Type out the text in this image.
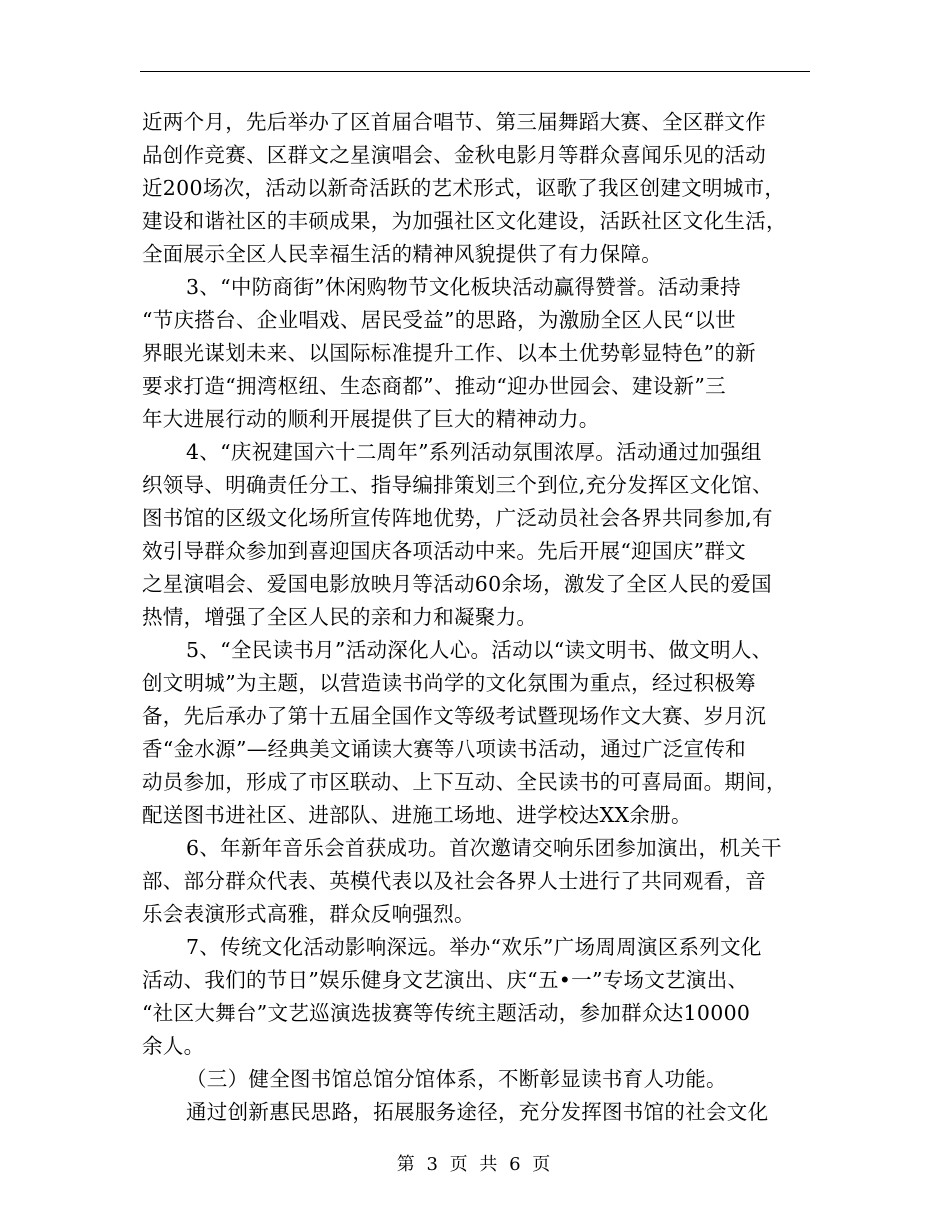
近两个月，先后举办了区首届合唱节、第三届舞蹈大赛、全区群文作
品创作竞赛、区群文之星演唱会、金秋电影月等群众喜闻乐见的活动
近200场次，活动以新奇活跃的艺术形式，讴歌了我区创建文明城市，
建设和谐社区的丰硕成果，为加强社区文化建设，活跃社区文化生活，
全面展示全区人民幸福生活的精神风貌提供了有力保障。

3、“中防商街”休闲购物节文化板块活动赢得赞誉。活动秉持
“节庆搭台、企业唱戏、居民受益”的思路，为激励全区人民“以世
界眼光谋划未来、以国际标准提升工作、以本土优势彰显特色”的新
要求打造“拥湾枢纽、生态商都”、推动“迎办世园会、建设新”三
年大进展行动的顺利开展提供了巨大的精神动力。

4、“庆祝建国六十二周年”系列活动氛围浓厚。活动通过加强组
织领导、明确责任分工、指导编排策划三个到位,充分发挥区文化馆、
图书馆的区级文化场所宣传阵地优势，广泛动员社会各界共同参加,有
效引导群众参加到喜迎国庆各项活动中来。先后开展“迎国庆”群文
之星演唱会、爱国电影放映月等活动60余场，激发了全区人民的爱国
热情，增强了全区人民的亲和力和凝聚力。

5、“全民读书月”活动深化人心。活动以“读文明书、做文明人、
创文明城”为主题，以营造读书尚学的文化氛围为重点，经过积极筹
备，先后承办了第十五届全国作文等级考试暨现场作文大赛、岁月沉
香“金水源”—经典美文诵读大赛等八项读书活动，通过广泛宣传和
动员参加，形成了市区联动、上下互动、全民读书的可喜局面。期间，
配送图书进社区、进部队、进施工场地、进学校达XX余册。

6、年新年音乐会首获成功。首次邀请交响乐团参加演出，机关干
部、部分群众代表、英模代表以及社会各界人士进行了共同观看，音
乐会表演形式高雅，群众反响强烈。

7、传统文化活动影响深远。举办“欢乐”广场周周演区系列文化
活动、我们的节日”娱乐健身文艺演出、庆“五•一”专场文艺演出、
“社区大舞台”文艺巡演选拔赛等传统主题活动，参加群众达10000
余人。

（三）健全图书馆总馆分馆体系，不断彰显读书育人功能。

通过创新惠民思路，拓展服务途径，充分发挥图书馆的社会文化

第 3 页 共 6 页
